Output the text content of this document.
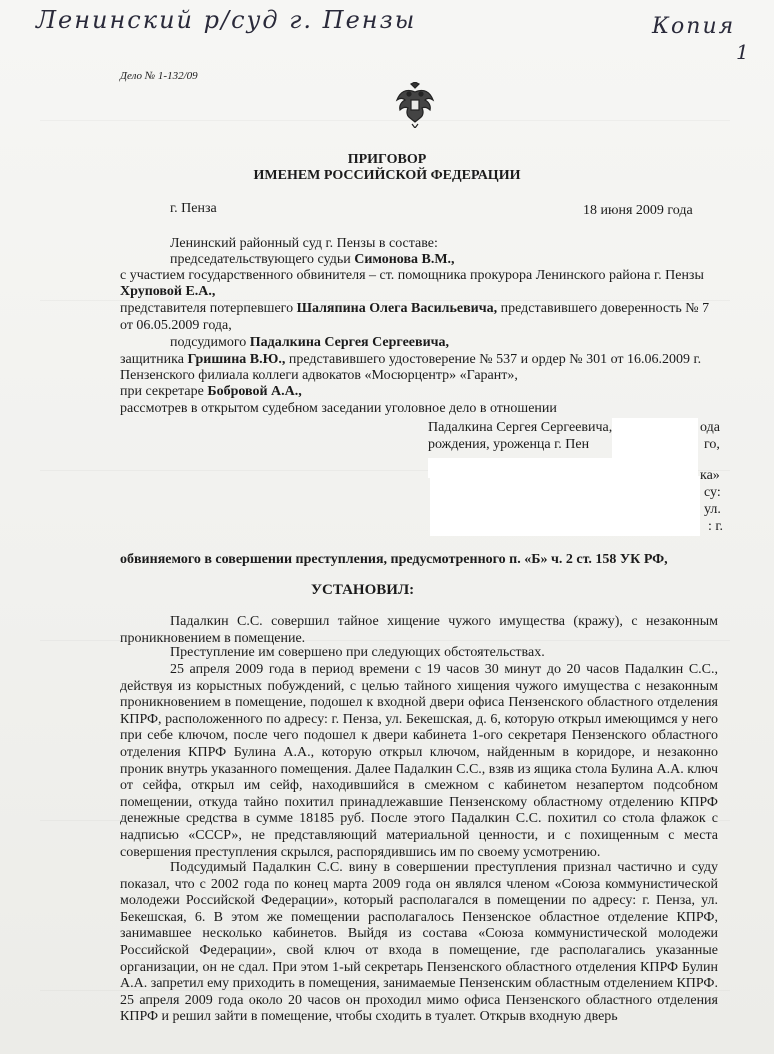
Ленинский р/суд г. Пензы	Копия
1
Дело № 1-132/09
ПРИГОВОР
ИМЕНЕМ РОССИЙСКОЙ ФЕДЕРАЦИИ
г. Пенза	18 июня 2009 года
Ленинский районный суд г. Пензы в составе:
председательствующего судьи Симонова В.М.,
с участием государственного обвинителя – ст. помощника прокурора Ленинского района г. Пензы
Хруповой Е.А.,
представителя потерпевшего Шаляпина Олега Васильевича, представившего доверенность № 7
от 06.05.2009 года,
подсудимого Падалкина Сергея Сергеевича,
защитника Гришина В.Ю., представившего удостоверение № 537 и ордер № 301 от 16.06.2009 г.
Пензенского филиала коллеги адвокатов «Мосюрцентр» «Гарант»,
при секретаре Бобровой А.А.,
рассмотрев в открытом судебном заседании уголовное дело в отношении
Падалкина Сергея Сергеевича,
рождения, уроженца г. Пен
ода
го,
ка»
су:
ул.
: г.
обвиняемого в совершении преступления, предусмотренного п. «Б» ч. 2 ст. 158 УК РФ,
УСТАНОВИЛ:
Падалкин С.С. совершил тайное хищение чужого имущества (кражу), с незаконным проникновением в помещение.
Преступление им совершено при следующих обстоятельствах.
25 апреля 2009 года в период времени с 19 часов 30 минут до 20 часов Падалкин С.С., действуя из корыстных побуждений, с целью тайного хищения чужого имущества с незаконным проникновением в помещение, подошел к входной двери офиса Пензенского областного отделения КПРФ, расположенного по адресу: г. Пенза, ул. Бекешская, д. 6, которую открыл имеющимся у него при себе ключом, после чего подошел к двери кабинета 1-ого секретаря Пензенского областного отделения КПРФ Булина А.А., которую открыл ключом, найденным в коридоре, и незаконно проник внутрь указанного помещения. Далее Падалкин С.С., взяв из ящика стола Булина А.А. ключ от сейфа, открыл им сейф, находившийся в смежном с кабинетом незапертом подсобном помещении, откуда тайно похитил принадлежавшие Пензенскому областному отделению КПРФ денежные средства в сумме 18185 руб. После этого Падалкин С.С. похитил со стола флажок с надписью «СССР», не представляющий материальной ценности, и с похищенным с места совершения преступления скрылся, распорядившись им по своему усмотрению.
Подсудимый Падалкин С.С. вину в совершении преступления признал частично и суду показал, что с 2002 года по конец марта 2009 года он являлся членом «Союза коммунистической молодежи Российской Федерации», который располагался в помещении по адресу: г. Пенза, ул. Бекешская, 6. В этом же помещении располагалось Пензенское областное отделение КПРФ, занимавшее несколько кабинетов. Выйдя из состава «Союза коммунистической молодежи Российской Федерации», свой ключ от входа в помещение, где располагались указанные организации, он не сдал. При этом 1-ый секретарь Пензенского областного отделения КПРФ Булин А.А. запретил ему приходить в помещения, занимаемые Пензенским областным отделением КПРФ. 25 апреля 2009 года около 20 часов он проходил мимо офиса Пензенского областного отделения КПРФ и решил зайти в помещение, чтобы сходить в туалет. Открыв входную дверь
